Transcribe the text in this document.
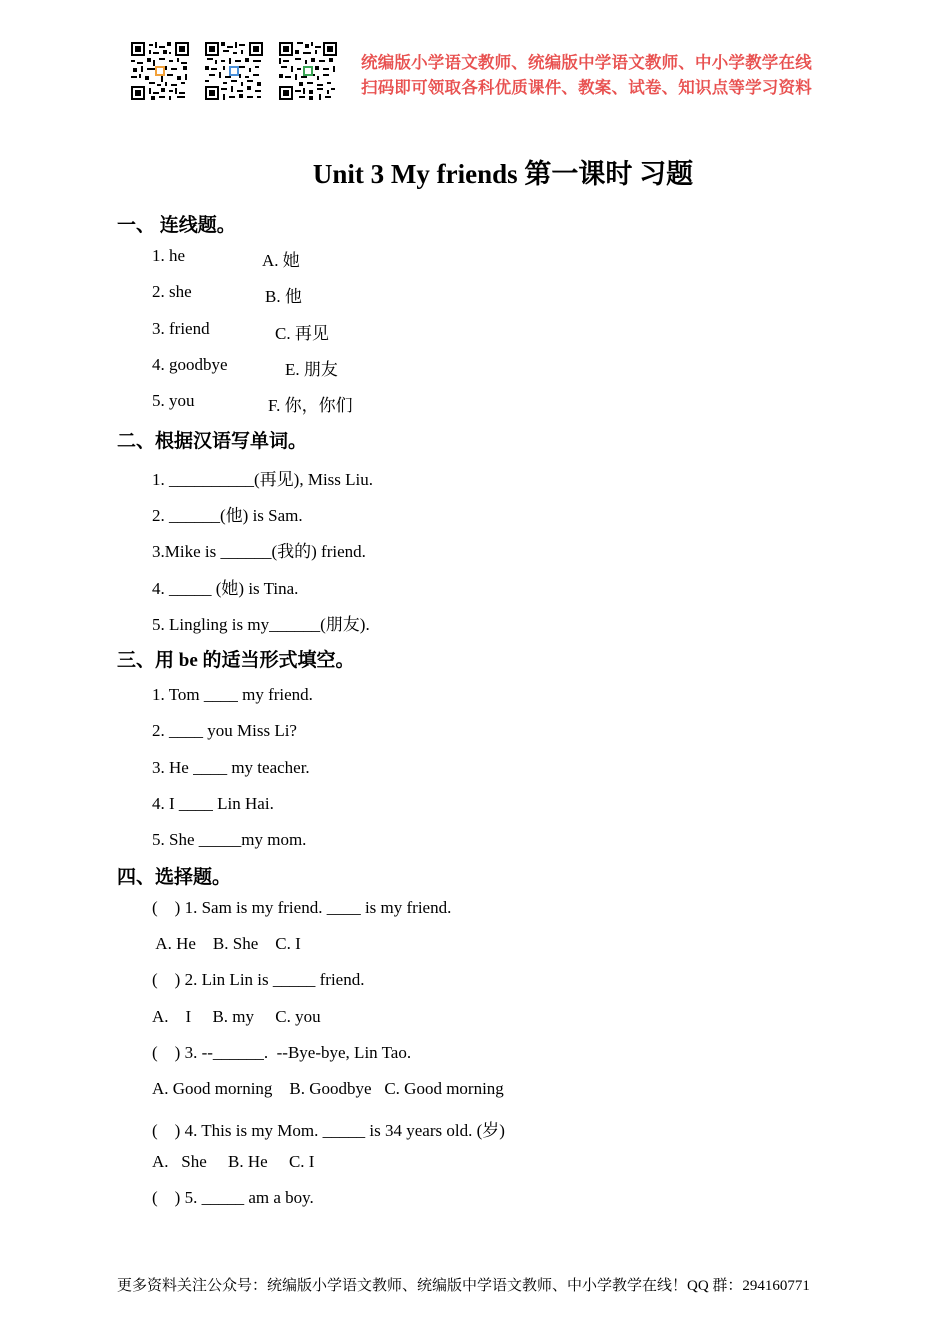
统编版小学语文教师、统编版中学语文教师、中小学教学在线
扫码即可领取各科优质课件、教案、试卷、知识点等学习资料
Unit 3 My friends 第一课时 习题
一、 连线题。
1. he	A. 她
2. she	B. 他
3. friend	C. 再见
4. goodbye	E. 朋友
5. you	F. 你，你们
二、根据汉语写单词。
1. __________(再见), Miss Liu.
2. ______(他) is Sam.
3.Mike is ______(我的) friend.
4. _____ (她) is Tina.
5. Lingling is my______(朋友).
三、用 be 的适当形式填空。
1. Tom ____ my friend.
2. ____ you Miss Li?
3. He ____ my teacher.
4. I ____ Lin Hai.
5. She _____my mom.
四、选择题。
(    ) 1. Sam is my friend. ____ is my friend.
A. He    B. She    C. I
(    ) 2. Lin Lin is _____ friend.
A.    I     B. my     C. you
(    ) 3. --______.  --Bye-bye, Lin Tao.
A. Good morning    B. Goodbye   C. Good morning
(    ) 4. This is my Mom. _____ is 34 years old. (岁)
A.   She     B. He     C. I
(    ) 5. _____ am a boy.
更多资料关注公众号：统编版小学语文教师、统编版中学语文教师、中小学教学在线！QQ 群：294160771
